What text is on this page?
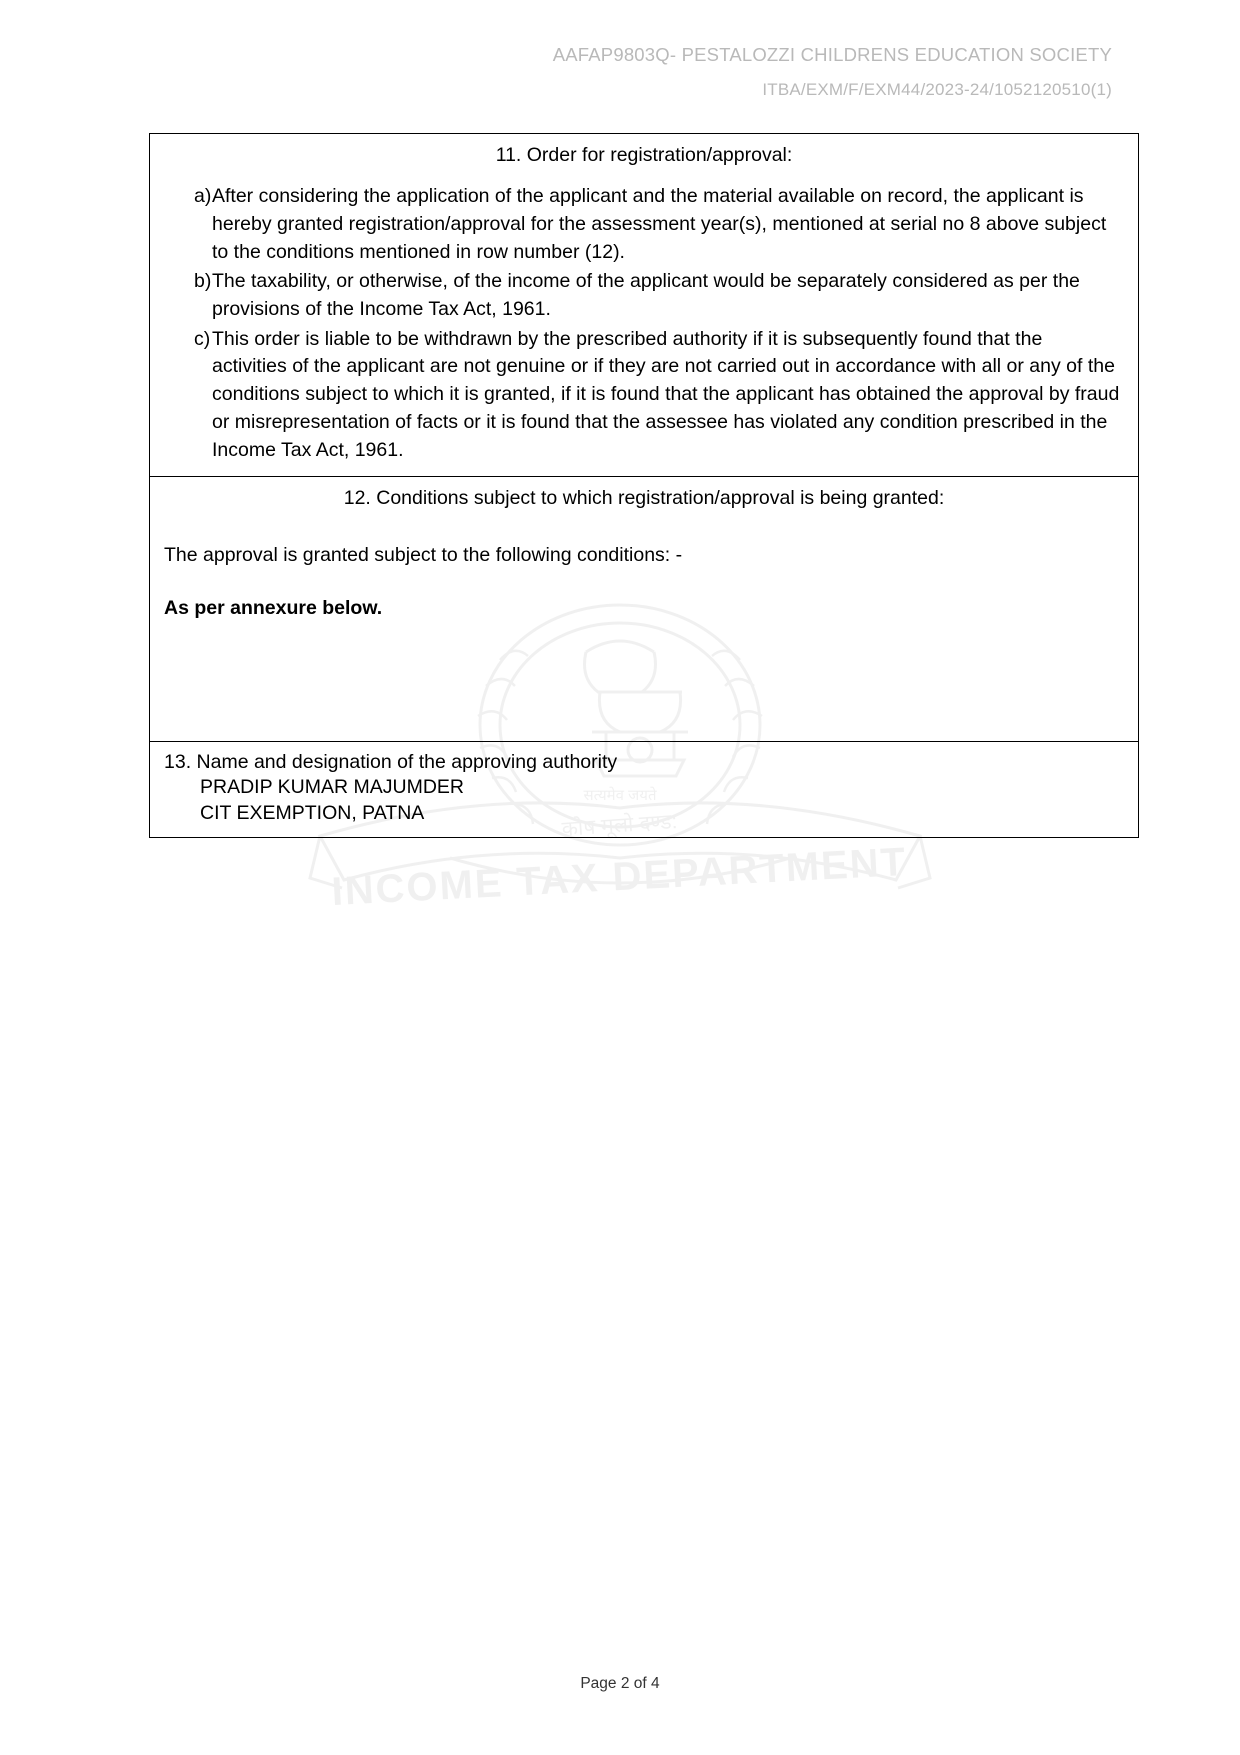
AAFAP9803Q- PESTALOZZI CHILDRENS EDUCATION SOCIETY
ITBA/EXM/F/EXM44/2023-24/1052120510(1)
सत्यमेव जयते
कोष मूलो दण्ड:
INCOME TAX DEPARTMENT
11. Order for registration/approval:
a) After considering the application of the applicant and the material available on record, the applicant is hereby granted registration/approval for the assessment year(s), mentioned at serial no 8 above subject to the conditions mentioned in row number (12).
b) The taxability, or otherwise, of the income of the applicant would be separately considered as per the provisions of the Income Tax Act, 1961.
c) This order is liable to be withdrawn by the prescribed authority if it is subsequently found that the activities of the applicant are not genuine or if they are not carried out in accordance with all or any of the conditions subject to which it is granted, if it is found that the applicant has obtained the approval by fraud or misrepresentation of facts or it is found that the assessee has violated any condition prescribed in the Income Tax Act, 1961.
12. Conditions subject to which registration/approval is being granted:
The approval is granted subject to the following conditions: -
As per annexure below.
13. Name and designation of the approving authority
PRADIP KUMAR MAJUMDER
CIT EXEMPTION, PATNA
Page 2 of 4
